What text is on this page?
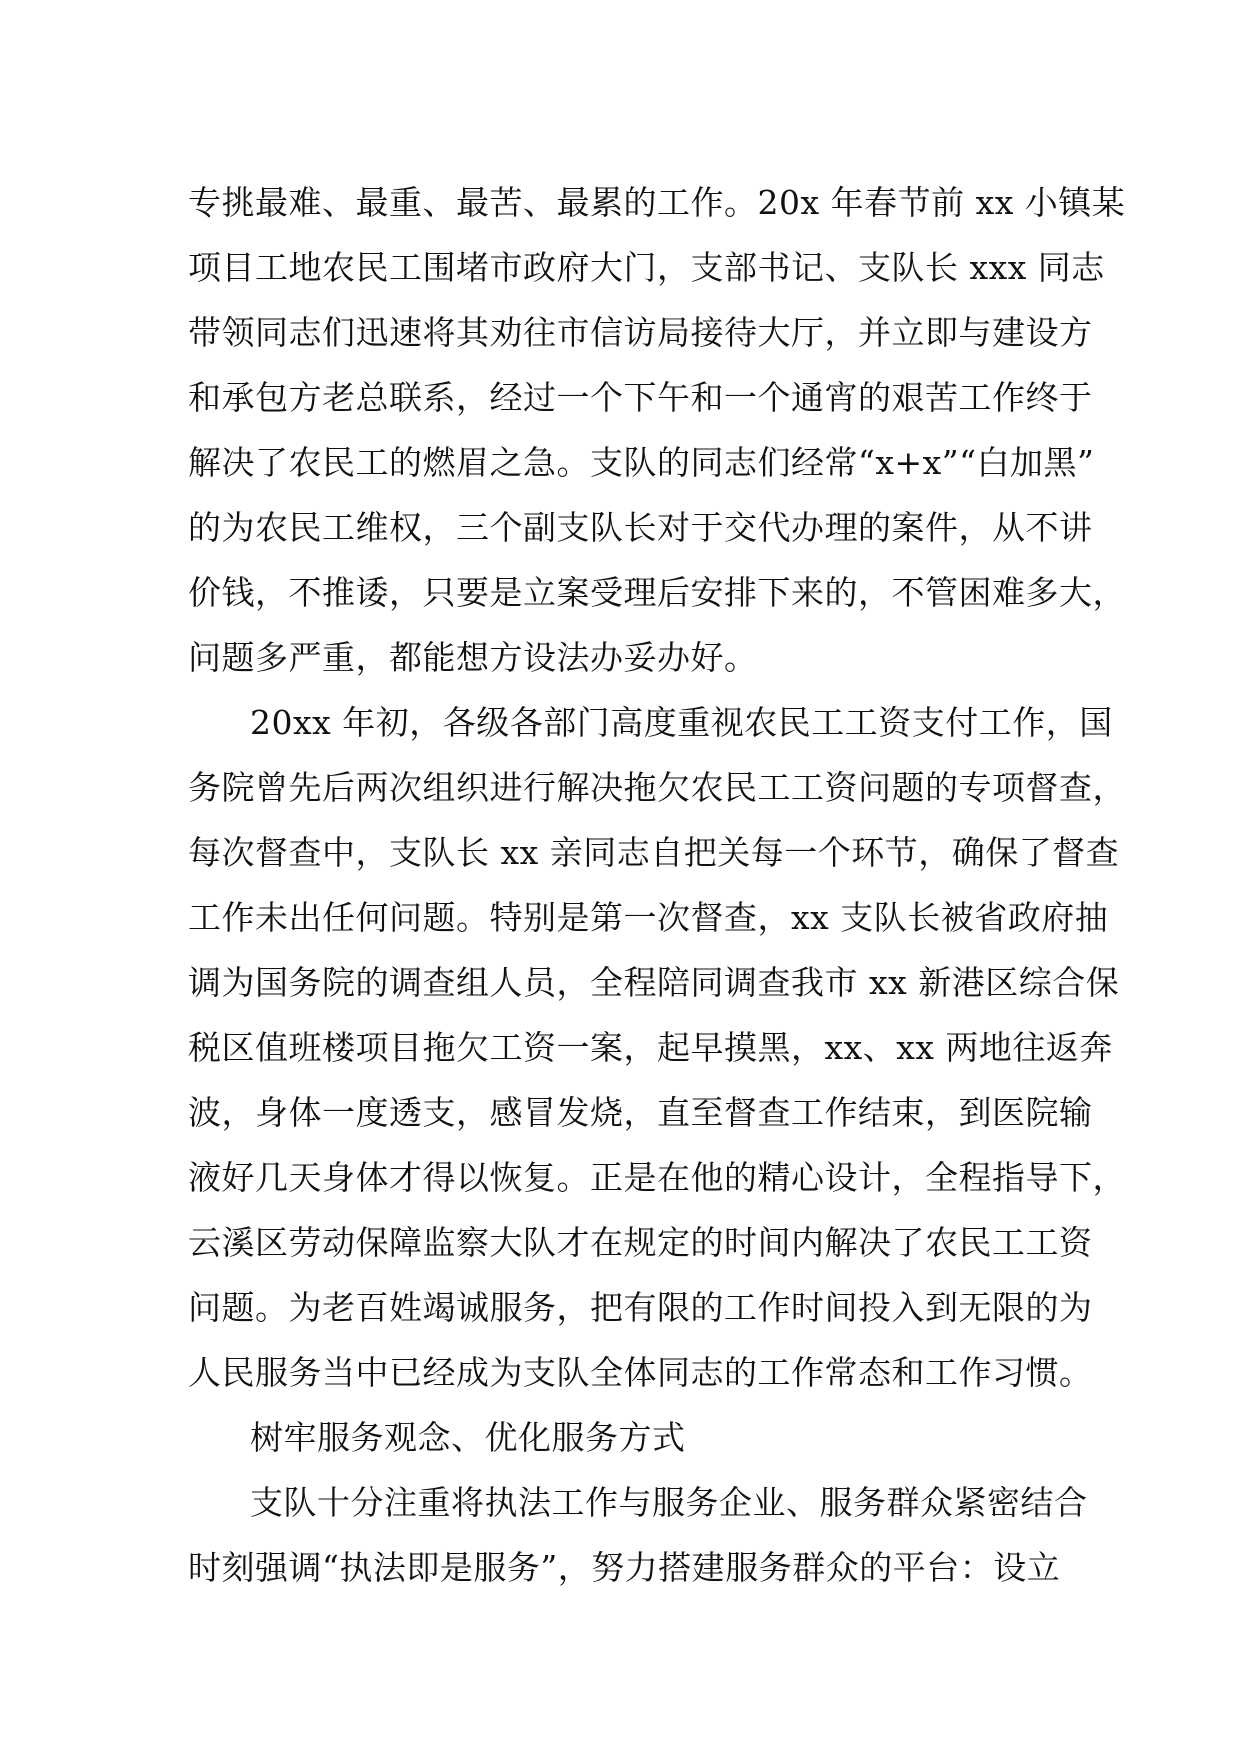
专挑最难、最重、最苦、最累的工作。20x 年春节前 xx 小镇某
项目工地农民工围堵市政府大门，支部书记、支队长 xxx 同志
带领同志们迅速将其劝往市信访局接待大厅，并立即与建设方
和承包方老总联系，经过一个下午和一个通宵的艰苦工作终于
解决了农民工的燃眉之急。支队的同志们经常“x+x”“白加黑”
的为农民工维权，三个副支队长对于交代办理的案件，从不讲
价钱，不推诿，只要是立案受理后安排下来的，不管困难多大，
问题多严重，都能想方设法办妥办好。
20xx 年初，各级各部门高度重视农民工工资支付工作，国
务院曾先后两次组织进行解决拖欠农民工工资问题的专项督查，
每次督查中，支队长 xx 亲同志自把关每一个环节，确保了督查
工作未出任何问题。特别是第一次督查，xx 支队长被省政府抽
调为国务院的调查组人员，全程陪同调查我市 xx 新港区综合保
税区值班楼项目拖欠工资一案，起早摸黑，xx、xx 两地往返奔
波，身体一度透支，感冒发烧，直至督查工作结束，到医院输
液好几天身体才得以恢复。正是在他的精心设计，全程指导下，
云溪区劳动保障监察大队才在规定的时间内解决了农民工工资
问题。为老百姓竭诚服务，把有限的工作时间投入到无限的为
人民服务当中已经成为支队全体同志的工作常态和工作习惯。
树牢服务观念、优化服务方式
支队十分注重将执法工作与服务企业、服务群众紧密结合
时刻强调“执法即是服务”，努力搭建服务群众的平台：设立
